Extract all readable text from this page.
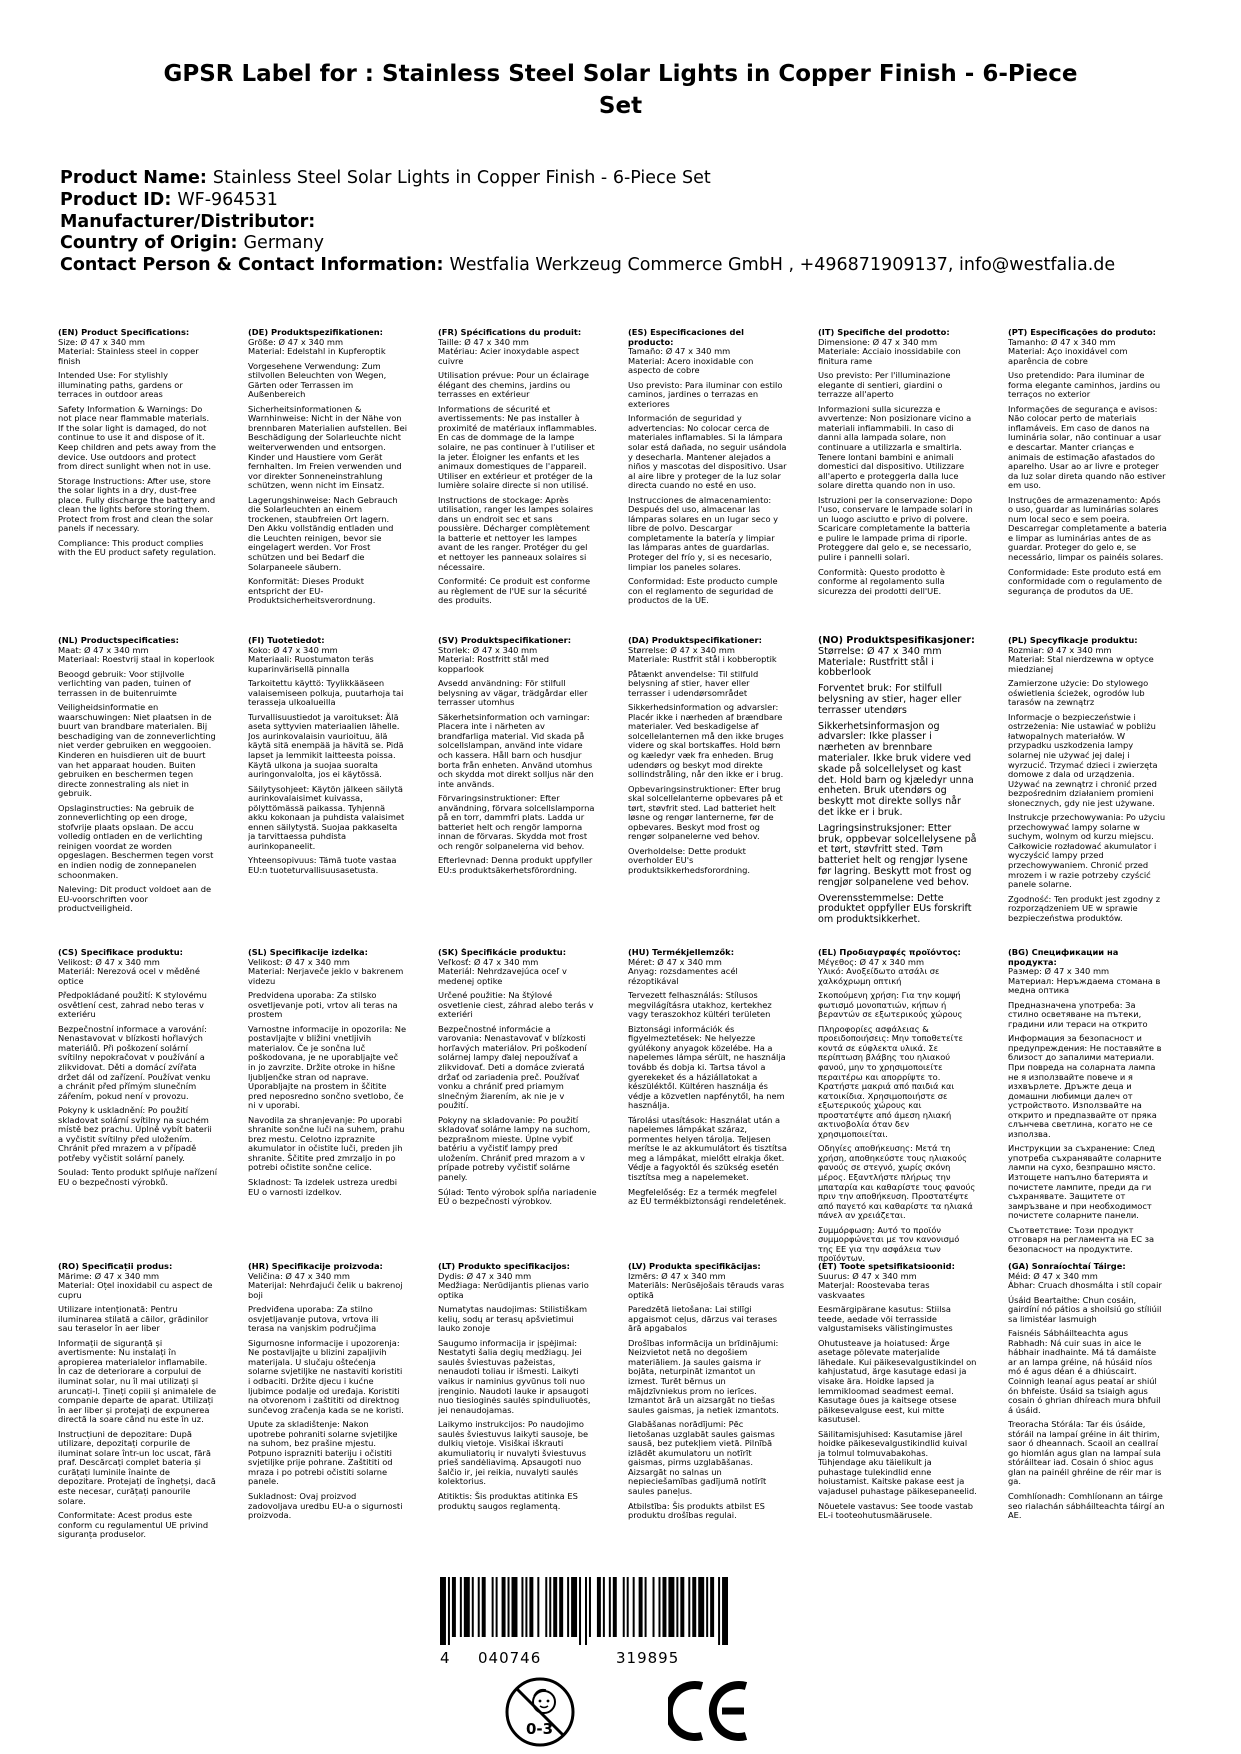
GPSR Label for : Stainless Steel Solar Lights in Copper Finish - 6-Piece Set
Product Name: Stainless Steel Solar Lights in Copper Finish - 6-Piece Set
Product ID: WF-964531
Manufacturer/Distributor:
Country of Origin: Germany
Contact Person & Contact Information: Westfalia Werkzeug Commerce GmbH , +496871909137, info@westfalia.de
(EN) Product Specifications:
Size: Ø 47 x 340 mm
Material: Stainless steel in copper finish
Intended Use: For stylishly illuminating paths, gardens or terraces in outdoor areas
Safety Information & Warnings: Do not place near flammable materials. If the solar light is damaged, do not continue to use it and dispose of it. Keep children and pets away from the device. Use outdoors and protect from direct sunlight when not in use.
Storage Instructions: After use, store the solar lights in a dry, dust-free place. Fully discharge the battery and clean the lights before storing them. Protect from frost and clean the solar panels if necessary.
Compliance: This product complies with the EU product safety regulation.
(DE) Produktspezifikationen:
Größe: Ø 47 x 340 mm
Material: Edelstahl in Kupferoptik
Vorgesehene Verwendung: Zum stilvollen Beleuchten von Wegen, Gärten oder Terrassen im Außenbereich
Sicherheitsinformationen & Warnhinweise: Nicht in der Nähe von brennbaren Materialien aufstellen. Bei Beschädigung der Solarleuchte nicht weiterverwenden und entsorgen. Kinder und Haustiere vom Gerät fernhalten. Im Freien verwenden und vor direkter Sonneneinstrahlung schützen, wenn nicht im Einsatz.
Lagerungshinweise: Nach Gebrauch die Solarleuchten an einem trockenen, staubfreien Ort lagern. Den Akku vollständig entladen und die Leuchten reinigen, bevor sie eingelagert werden. Vor Frost schützen und bei Bedarf die Solarpaneele säubern.
Konformität: Dieses Produkt entspricht der EU-Produktsicherheitsverordnung.
(FR) Spécifications du produit:
Taille: Ø 47 x 340 mm
Matériau: Acier inoxydable aspect cuivre
Utilisation prévue: Pour un éclairage élégant des chemins, jardins ou terrasses en extérieur
Informations de sécurité et avertissements: Ne pas installer à proximité de matériaux inflammables. En cas de dommage de la lampe solaire, ne pas continuer à l'utiliser et la jeter. Éloigner les enfants et les animaux domestiques de l'appareil. Utiliser en extérieur et protéger de la lumière solaire directe si non utilisé.
Instructions de stockage: Après utilisation, ranger les lampes solaires dans un endroit sec et sans poussière. Décharger complètement la batterie et nettoyer les lampes avant de les ranger. Protéger du gel et nettoyer les panneaux solaires si nécessaire.
Conformité: Ce produit est conforme au règlement de l'UE sur la sécurité des produits.
(ES) Especificaciones del producto:
Tamaño: Ø 47 x 340 mm
Material: Acero inoxidable con aspecto de cobre
Uso previsto: Para iluminar con estilo caminos, jardines o terrazas en exteriores
Información de seguridad y advertencias: No colocar cerca de materiales inflamables. Si la lámpara solar está dañada, no seguir usándola y desecharla. Mantener alejados a niños y mascotas del dispositivo. Usar al aire libre y proteger de la luz solar directa cuando no esté en uso.
Instrucciones de almacenamiento: Después del uso, almacenar las lámparas solares en un lugar seco y libre de polvo. Descargar completamente la batería y limpiar las lámparas antes de guardarlas. Proteger del frío y, si es necesario, limpiar los paneles solares.
Conformidad: Este producto cumple con el reglamento de seguridad de productos de la UE.
(IT) Specifiche del prodotto:
Dimensione: Ø 47 x 340 mm
Materiale: Acciaio inossidabile con finitura rame
Uso previsto: Per l'illuminazione elegante di sentieri, giardini o terrazze all'aperto
Informazioni sulla sicurezza e avvertenze: Non posizionare vicino a materiali infiammabili. In caso di danni alla lampada solare, non continuare a utilizzarla e smaltirla. Tenere lontani bambini e animali domestici dal dispositivo. Utilizzare all'aperto e proteggerla dalla luce solare diretta quando non in uso.
Istruzioni per la conservazione: Dopo l'uso, conservare le lampade solari in un luogo asciutto e privo di polvere. Scaricare completamente la batteria e pulire le lampade prima di riporle. Proteggere dal gelo e, se necessario, pulire i pannelli solari.
Conformità: Questo prodotto è conforme al regolamento sulla sicurezza dei prodotti dell'UE.
(PT) Especificações do produto:
Tamanho: Ø 47 x 340 mm
Material: Aço inoxidável com aparência de cobre
Uso pretendido: Para iluminar de forma elegante caminhos, jardins ou terraços no exterior
Informações de segurança e avisos: Não colocar perto de materiais inflamáveis. Em caso de danos na luminária solar, não continuar a usar e descartar. Manter crianças e animais de estimação afastados do aparelho. Usar ao ar livre e proteger da luz solar direta quando não estiver em uso.
Instruções de armazenamento: Após o uso, guardar as luminárias solares num local seco e sem poeira. Descarregar completamente a bateria e limpar as luminárias antes de as guardar. Proteger do gelo e, se necessário, limpar os painéis solares.
Conformidade: Este produto está em conformidade com o regulamento de segurança de produtos da UE.
(NL) Productspecificaties:
Maat: Ø 47 x 340 mm
Materiaal: Roestvrij staal in koperlook
Beoogd gebruik: Voor stijlvolle verlichting van paden, tuinen of terrassen in de buitenruimte
Veiligheidsinformatie en waarschuwingen: Niet plaatsen in de buurt van brandbare materialen. Bij beschadiging van de zonneverlichting niet verder gebruiken en weggooien. Kinderen en huisdieren uit de buurt van het apparaat houden. Buiten gebruiken en beschermen tegen directe zonnestraling als niet in gebruik.
Opslaginstructies: Na gebruik de zonneverlichting op een droge, stofvrije plaats opslaan. De accu volledig ontladen en de verlichting reinigen voordat ze worden opgeslagen. Beschermen tegen vorst en indien nodig de zonnepanelen schoonmaken.
Naleving: Dit product voldoet aan de EU-voorschriften voor productveiligheid.
(FI) Tuotetiedot:
Koko: Ø 47 x 340 mm
Materiaali: Ruostumaton teräs kuparinvärisellä pinnalla
Tarkoitettu käyttö: Tyylikkääseen valaisemiseen polkuja, puutarhoja tai terasseja ulkoalueilla
Turvallisuustiedot ja varoitukset: Älä aseta syttyvien materiaalien lähelle. Jos aurinkovalaisin vaurioituu, älä käytä sitä enempää ja hävitä se. Pidä lapset ja lemmikit laitteesta poissa. Käytä ulkona ja suojaa suoralta auringonvalolta, jos ei käytössä.
Säilytysohjeet: Käytön jälkeen säilytä aurinkovalaisimet kuivassa, pölyttömässä paikassa. Tyhjennä akku kokonaan ja puhdista valaisimet ennen säilytystä. Suojaa pakkaselta ja tarvittaessa puhdista aurinkopaneelit.
Yhteensopivuus: Tämä tuote vastaa EU:n tuoteturvallisuusasetusta.
(SV) Produktspecifikationer:
Storlek: Ø 47 x 340 mm
Material: Rostfritt stål med kopparlook
Avsedd användning: För stilfull belysning av vägar, trädgårdar eller terrasser utomhus
Säkerhetsinformation och varningar: Placera inte i närheten av brandfarliga material. Vid skada på solcellslampan, använd inte vidare och kassera. Håll barn och husdjur borta från enheten. Använd utomhus och skydda mot direkt solljus när den inte används.
Förvaringsinstruktioner: Efter användning, förvara solcellslamporna på en torr, dammfri plats. Ladda ur batteriet helt och rengör lamporna innan de förvaras. Skydda mot frost och rengör solpanelerna vid behov.
Efterlevnad: Denna produkt uppfyller EU:s produktsäkerhetsförordning.
(DA) Produktspecifikationer:
Størrelse: Ø 47 x 340 mm
Materiale: Rustfrit stål i kobberoptik
Påtænkt anvendelse: Til stilfuld belysning af stier, haver eller terrasser i udendørsområdet
Sikkerhedsinformation og advarsler: Placér ikke i nærheden af brændbare materialer. Ved beskadigelse af solcellelanternen må den ikke bruges videre og skal bortskaffes. Hold børn og kæledyr væk fra enheden. Brug udendørs og beskyt mod direkte sollindstråling, når den ikke er i brug.
Opbevaringsinstruktioner: Efter brug skal solcellelanterne opbevares på et tørt, støvfrit sted. Lad batteriet helt løsne og rengør lanternerne, før de opbevares. Beskyt mod frost og rengør solpanelerne ved behov.
Overholdelse: Dette produkt overholder EU's produktsikkerhedsforordning.
(NO) Produktspesifikasjoner:
Størrelse: Ø 47 x 340 mm
Materiale: Rustfritt stål i kobberlook
Forventet bruk: For stilfull belysning av stier, hager eller terrasser utendørs
Sikkerhetsinformasjon og advarsler: Ikke plasser i nærheten av brennbare materialer. Ikke bruk videre ved skade på solcellelyset og kast det. Hold barn og kjæledyr unna enheten. Bruk utendørs og beskytt mot direkte sollys når det ikke er i bruk.
Lagringsinstruksjoner: Etter bruk, oppbevar solcellelysene på et tørt, støvfritt sted. Tøm batteriet helt og rengjør lysene før lagring. Beskytt mot frost og rengjør solpanelene ved behov.
Overensstemmelse: Dette produktet oppfyller EUs forskrift om produktsikkerhet.
(PL) Specyfikacje produktu:
Rozmiar: Ø 47 x 340 mm
Materiał: Stal nierdzewna w optyce miedzianej
Zamierzone użycie: Do stylowego oświetlenia ścieżek, ogrodów lub tarasów na zewnątrz
Informacje o bezpieczeństwie i ostrzeżenia: Nie ustawiać w pobliżu łatwopalnych materiałów. W przypadku uszkodzenia lampy solarnej nie używać jej dalej i wyrzucić. Trzymać dzieci i zwierzęta domowe z dala od urządzenia. Używać na zewnątrz i chronić przed bezpośrednim działaniem promieni słonecznych, gdy nie jest używane.
Instrukcje przechowywania: Po użyciu przechowywać lampy solarne w suchym, wolnym od kurzu miejscu. Całkowicie rozładować akumulator i wyczyścić lampy przed przechowywaniem. Chronić przed mrozem i w razie potrzeby czyścić panele solarne.
Zgodność: Ten produkt jest zgodny z rozporządzeniem UE w sprawie bezpieczeństwa produktów.
(CS) Specifikace produktu:
Velikost: Ø 47 x 340 mm
Materiál: Nerezová ocel v měděné optice
Předpokládané použití: K stylovému osvětlení cest, zahrad nebo teras v exteriéru
Bezpečnostní informace a varování: Nenastavovat v blízkosti hořlavých materiálů. Při poškození solární svítilny nepokračovat v používání a zlikvidovat. Děti a domácí zvířata držet dál od zařízení. Používat venku a chránit před přímým slunečním zářením, pokud není v provozu.
Pokyny k uskladnění: Po použití skladovat solární svítilny na suchém místě bez prachu. Úplně vybít baterii a vyčistit svítilny před uložením. Chránit před mrazem a v případě potřeby vyčistit solární panely.
Soulad: Tento produkt splňuje nařízení EU o bezpečnosti výrobků.
(SL) Specifikacije izdelka:
Velikost: Ø 47 x 340 mm
Material: Nerjaveče jeklo v bakrenem videzu
Predvidena uporaba: Za stilsko osvetljevanje poti, vrtov ali teras na prostem
Varnostne informacije in opozorila: Ne postavljajte v bližini vnetljivih materialov. Če je sončna luč poškodovana, je ne uporabljajte več in jo zavrzite. Držite otroke in hišne ljubljenčke stran od naprave. Uporabljajte na prostem in ščitite pred neposredno sončno svetlobo, če ni v uporabi.
Navodila za shranjevanje: Po uporabi shranite sončne luči na suhem, prahu brez mestu. Celotno izpraznite akumulator in očistite luči, preden jih shranite. Ščitite pred zmrzaljo in po potrebi očistite sončne celice.
Skladnost: Ta izdelek ustreza uredbi EU o varnosti izdelkov.
(SK) Špecifikácie produktu:
Veľkosť: Ø 47 x 340 mm
Materiál: Nehrdzavejúca oceľ v medenej optike
Určené použitie: Na štýlové osvetlenie ciest, záhrad alebo terás v exteriéri
Bezpečnostné informácie a varovania: Nenastavovať v blízkosti horľavých materiálov. Pri poškodení solárnej lampy ďalej nepoužívať a zlikvidovať. Deti a domáce zvieratá držať od zariadenia preč. Používať vonku a chrániť pred priamym slnečným žiarením, ak nie je v použití.
Pokyny na skladovanie: Po použití skladovať solárne lampy na suchom, bezprašnom mieste. Úplne vybiť batériu a vyčistiť lampy pred uložením. Chrániť pred mrazom a v prípade potreby vyčistiť solárne panely.
Súlad: Tento výrobok spĺňa nariadenie EÚ o bezpečnosti výrobkov.
(HU) Termékjellemzők:
Méret: Ø 47 x 340 mm
Anyag: rozsdamentes acél rézoptikával
Tervezett felhasználás: Stílusos megvilágításra utakhoz, kertekhez vagy teraszokhoz kültéri területen
Biztonsági információk és figyelmeztetések: Ne helyezze gyúlékony anyagok közelébe. Ha a napelemes lámpa sérült, ne használja tovább és dobja ki. Tartsa távol a gyerekeket és a háziállatokat a készüléktől. Kültéren használja és védje a közvetlen napfénytől, ha nem használja.
Tárolási utasítások: Használat után a napelemes lámpákat száraz, pormentes helyen tárolja. Teljesen merítse le az akkumulátort és tisztítsa meg a lámpákat, mielőtt elrakja őket. Védje a fagyoktól és szükség esetén tisztítsa meg a napelemeket.
Megfelelőség: Ez a termék megfelel az EU termékbiztonsági rendeletének.
(EL) Προδιαγραφές προϊόντος:
Μέγεθος: Ø 47 x 340 mm
Υλικό: Ανοξείδωτο ατσάλι σε χαλκόχρωμη οπτική
Σκοπούμενη χρήση: Για την κομψή φωτισμό μονοπατιών, κήπων ή βεραντών σε εξωτερικούς χώρους
Πληροφορίες ασφάλειας & προειδοποιήσεις: Μην τοποθετείτε κοντά σε εύφλεκτα υλικά. Σε περίπτωση βλάβης του ηλιακού φανού, μην το χρησιμοποιείτε περαιτέρω και απορρίψτε το. Κρατήστε μακριά από παιδιά και κατοικίδια. Χρησιμοποιήστε σε εξωτερικούς χώρους και προστατέψτε από άμεση ηλιακή ακτινοβολία όταν δεν χρησιμοποιείται.
Οδηγίες αποθήκευσης: Μετά τη χρήση, αποθηκεύστε τους ηλιακούς φανούς σε στεγνό, χωρίς σκόνη μέρος. Εξαντλήστε πλήρως την μπαταρία και καθαρίστε τους φανούς πριν την αποθήκευση. Προστατέψτε από παγετό και καθαρίστε τα ηλιακά πάνελ αν χρειάζεται.
Συμμόρφωση: Αυτό το προϊόν συμμορφώνεται με τον κανονισμό της ΕΕ για την ασφάλεια των προϊόντων.
(BG) Спецификации на продукта:
Размер: Ø 47 x 340 mm
Материал: Неръждаема стомана в медна оптика
Предназначена употреба: За стилно осветяване на пътеки, градини или тераси на открито
Информация за безопасност и предупреждения: Не поставяйте в близост до запалими материали. При повреда на соларната лампа не я използвайте повече и я изхвърлете. Дръжте деца и домашни любимци далеч от устройството. Използвайте на открито и предпазвайте от пряка слънчева светлина, когато не се използва.
Инструкции за съхранение: След употреба съхранявайте соларните лампи на сухо, безпрашно място. Изтощете напълно батерията и почистете лампите, преди да ги съхранявате. Защитете от замръзване и при необходимост почистете соларните панели.
Съответствие: Този продукт отговаря на регламента на ЕС за безопасност на продуктите.
(RO) Specificații produs:
Mărime: Ø 47 x 340 mm
Material: Oțel inoxidabil cu aspect de cupru
Utilizare intenționată: Pentru iluminarea stilată a căilor, grădinilor sau teraselor în aer liber
Informații de siguranță și avertismente: Nu instalați în apropierea materialelor inflamabile. În caz de deteriorare a corpului de iluminat solar, nu îl mai utilizați și aruncați-l. Țineți copiii și animalele de companie departe de aparat. Utilizați în aer liber și protejați de expunerea directă la soare când nu este în uz.
Instrucțiuni de depozitare: După utilizare, depozitați corpurile de iluminat solare într-un loc uscat, fără praf. Descărcați complet bateria și curățați luminile înainte de depozitare. Protejați de înghețși, dacă este necesar, curățați panourile solare.
Conformitate: Acest produs este conform cu regulamentul UE privind siguranța produselor.
(HR) Specifikacije proizvoda:
Veličina: Ø 47 x 340 mm
Materijal: Nehrđajući čelik u bakrenoj boji
Predviđena uporaba: Za stilno osvjetljavanje putova, vrtova ili terasa na vanjskim područjima
Sigurnosne informacije i upozorenja: Ne postavljajte u blizini zapaljivih materijala. U slučaju oštećenja solarne svjetiljke ne nastaviti koristiti i odbaciti. Držite djecu i kućne ljubimce podalje od uređaja. Koristiti na otvorenom i zaštititi od direktnog sunčevog zračenja kada se ne koristi.
Upute za skladištenje: Nakon upotrebe pohraniti solarne svjetiljke na suhom, bez prašine mjestu. Potpuno isprazniti bateriju i očistiti svjetiljke prije pohrane. Zaštititi od mraza i po potrebi očistiti solarne panele.
Sukladnost: Ovaj proizvod zadovoljava uredbu EU-a o sigurnosti proizvoda.
(LT) Produkto specifikacijos:
Dydis: Ø 47 x 340 mm
Medžiaga: Nerūdijantis plienas vario optika
Numatytas naudojimas: Stilistiškam kelių, sodų ar terasų apšvietimui lauko zonoje
Saugumo informacija ir įspėjimai: Nestatyti šalia degių medžiagų. Jei saulės šviestuvas pažeistas, nenaudoti toliau ir išmesti. Laikyti vaikus ir naminius gyvūnus toli nuo įrenginio. Naudoti lauke ir apsaugoti nuo tiesioginės saulės spinduliuotės, jei nenaudojamas.
Laikymo instrukcijos: Po naudojimo saulės šviestuvus laikyti sausoje, be dulkių vietoje. Visiškai iškrauti akumuliatorių ir nuvalyti šviestuvus prieš sandėliavimą. Apsaugoti nuo šalčio ir, jei reikia, nuvalyti saulės kolektorius.
Atitiktis: Šis produktas atitinka ES produktų saugos reglamentą.
(LV) Produkta specifikācijas:
Izmērs: Ø 47 x 340 mm
Materiāls: Nerūsējošais tērauds varas optikā
Paredzētā lietošana: Lai stilīgi apgaismot ceļus, dārzus vai terases ārā apgabalos
Drošības informācija un brīdinājumi: Neizvietot netā no degošiem materiāliem. Ja saules gaisma ir bojāta, neturpināt izmantot un izmest. Turēt bērnus un mājdzīvniekus prom no ierīces. Izmantot ārā un aizsargāt no tiešas saules gaismas, ja netiek izmantots.
Glabāšanas norādījumi: Pēc lietošanas uzglabāt saules gaismas sausā, bez putekļiem vietā. Pilnībā izlādēt akumulatoru un notīrīt gaismas, pirms uzglabāšanas. Aizsargāt no salnas un nepieciešamības gadījumā notīrīt saules paneļus.
Atbilstība: Šis produkts atbilst ES produktu drošības regulai.
(ET) Toote spetsifikatsioonid:
Suurus: Ø 47 x 340 mm
Materjal: Roostevaba teras vaskvaates
Eesmärgipärane kasutus: Stiilsa teede, aedade või terrasside valgustamiseks välistingimustes
Ohutusteave ja hoiatused: Ärge asetage põlevate materjalide lähedale. Kui päikesevalgustikindel on kahjustatud, ärge kasutage edasi ja visake ära. Hoidke lapsed ja lemmikloomad seadmest eemal. Kasutage õues ja kaitsege otsese päikesevalguse eest, kui mitte kasutusel.
Säilitamisjuhised: Kasutamise järel hoidke päikesevalgustikindlid kuival ja tolmul tolmuvabakohas. Tühjendage aku täielikult ja puhastage tulekindlid enne hoiustamist. Kaitske pakase eest ja vajadusel puhastage päikesepaneelid.
Nõuetele vastavus: See toode vastab EL-i tooteohutusmäärusele.
(GA) Sonraíochtaí Táirge:
Méid: Ø 47 x 340 mm
Ábhar: Cruach dhosmálta i stíl copair
Úsáid Beartaithe: Chun cosáin, gairdíní nó pátios a shoilsiú go stíliúil sa limistéar lasmuigh
Faisnéis Sábháilteachta agus Rabhadh: Ná cuir suas in aice le hábhair inadhainte. Má tá damáiste ar an lampa gréine, ná húsáid níos mó é agus déan é a dhiúscairt. Coinnigh leanaí agus peataí ar shiúl ón bhfeiste. Úsáid sa tsiaigh agus cosain ó ghrian dhíreach mura bhfuil á úsáid.
Treoracha Stórála: Tar éis úsáide, stóráil na lampaí gréine in áit thirim, saor ó dheannach. Scaoil an ceallraí go hiomlán agus glan na lampaí sula stóráiltear iad. Cosain ó shioc agus glan na painéil ghréine de réir mar is ga.
Comhlíonadh: Comhlíonann an táirge seo rialachán sábháilteachta táirgí an AE.
4 040746	319895
0-3
